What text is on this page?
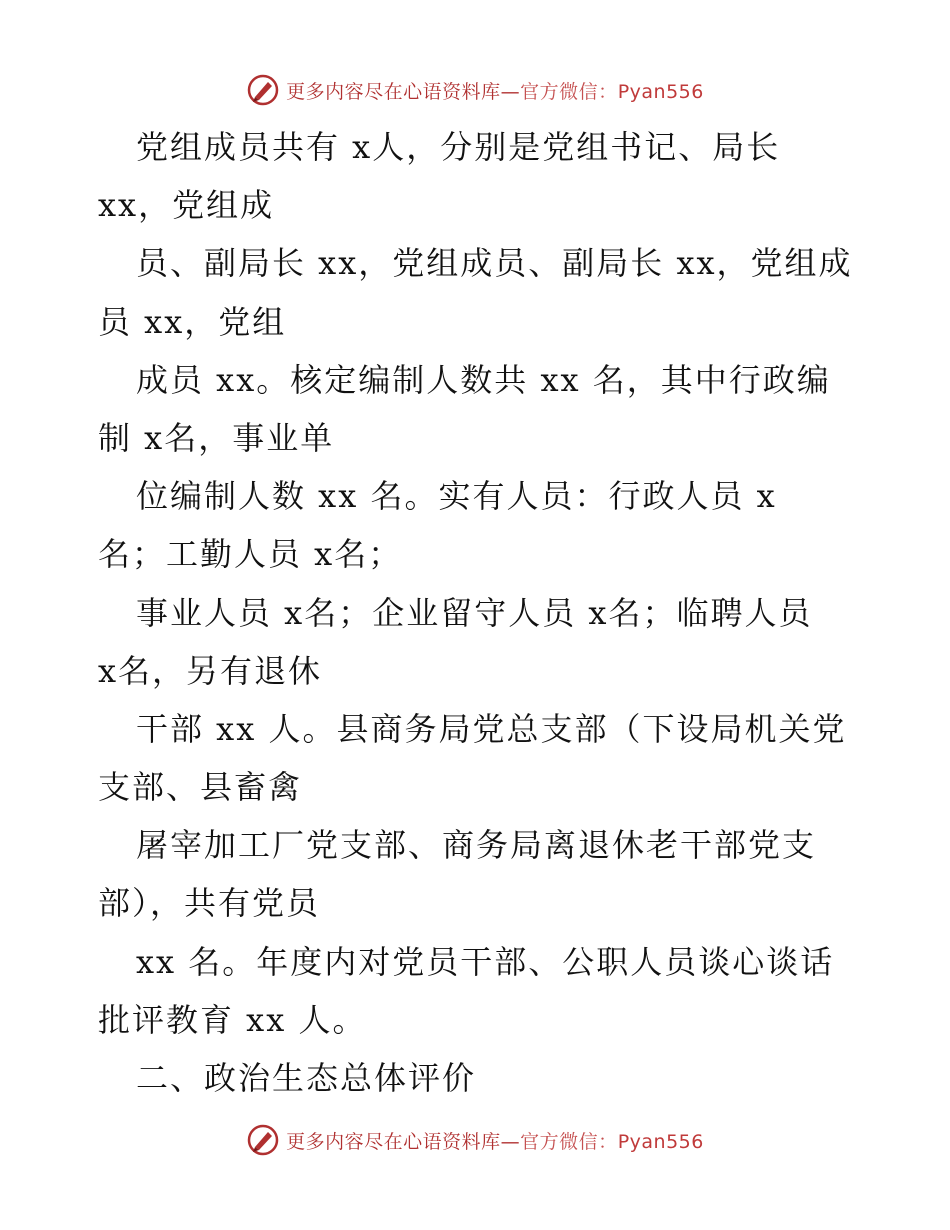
更多内容尽在心语资料库—官方微信：Pyan556
党组成员共有 x人，分别是党组书记、局长
xx，党组成
员、副局长 xx，党组成员、副局长 xx，党组成
员 xx，党组
成员 xx。核定编制人数共 xx 名，其中行政编
制 x名，事业单
位编制人数 xx 名。实有人员：行政人员 x
名；工勤人员 x名；
事业人员 x名；企业留守人员 x名；临聘人员
x名，另有退休
干部 xx 人。县商务局党总支部（下设局机关党
支部、县畜禽
屠宰加工厂党支部、商务局离退休老干部党支
部），共有党员
xx 名。年度内对党员干部、公职人员谈心谈话
批评教育 xx 人。
二、政治生态总体评价
更多内容尽在心语资料库—官方微信：Pyan556
